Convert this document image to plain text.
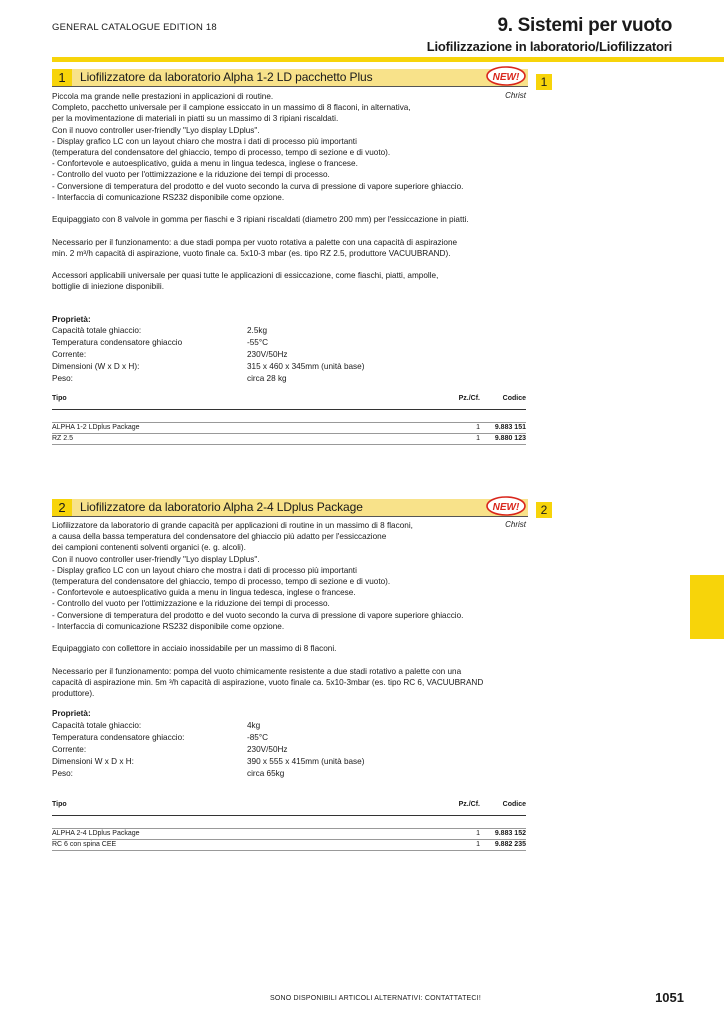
GENERAL CATALOGUE EDITION 18	9. Sistemi per vuoto
Liofilizzazione in laboratorio/Liofilizzatori
1	Liofilizzatore da laboratorio Alpha 1-2 LD pacchetto Plus	NEW!	1
Christ
Piccola ma grande nelle prestazioni in applicazioni di routine.
Completo, pacchetto universale per il campione essiccato in un massimo di 8 flaconi, in alternativa,
per la movimentazione di materiali in piatti su un massimo di 3 ripiani riscaldati.
Con il nuovo controller user-friendly "Lyo display LDplus".
- Display grafico LC con un layout chiaro che mostra i dati di processo più importanti
(temperatura del condensatore del ghiaccio, tempo di processo, tempo di sezione e di vuoto).
- Confortevole e autoesplicativo, guida a menu in lingua tedesca, inglese o francese.
- Controllo del vuoto per l'ottimizzazione e la riduzione dei tempi di processo.
- Conversione di temperatura del prodotto e del vuoto secondo la curva di pressione di vapore superiore ghiaccio.
- Interfaccia di comunicazione RS232 disponibile come opzione.

Equipaggiato con 8 valvole in gomma per fiaschi e 3 ripiani riscaldati (diametro 200 mm) per l'essiccazione in piatti.

Necessario per il funzionamento: a due stadi pompa per vuoto rotativa a palette con una capacità di aspirazione
min. 2 m³/h capacità di aspirazione, vuoto finale ca. 5x10-3 mbar (es. tipo RZ 2.5, produttore VACUUBRAND).

Accessori applicabili universale per quasi tutte le applicazioni di essiccazione, come fiaschi, piatti, ampolle,
bottiglie di iniezione disponibili.
Proprietà:
Capacità totale ghiaccio:	2.5kg
Temperatura condensatore ghiaccio	-55°C
Corrente:	230V/50Hz
Dimensioni (W x D x H):	315 x 460 x 345mm (unità base)
Peso:	circa 28 kg
Tipo	Pz./Cf.	Codice
ALPHA 1-2 LDplus Package	1	9.883 151
RZ 2.5	1	9.880 123
2	Liofilizzatore da laboratorio Alpha 2-4 LDplus Package	NEW!	2
Christ
Liofilizzatore da laboratorio di grande capacità per applicazioni di routine in un massimo di 8 flaconi,
a causa della bassa temperatura del condensatore del ghiaccio più adatto per l'essiccazione
dei campioni contenenti solventi organici (e. g. alcoli).
Con il nuovo controller user-friendly "Lyo display LDplus".
- Display grafico LC con un layout chiaro che mostra i dati di processo più importanti
(temperatura del condensatore del ghiaccio, tempo di processo, tempo di sezione e di vuoto).
- Confortevole e autoesplicativo guida a menu in lingua tedesca, inglese o francese.
- Controllo del vuoto per l'ottimizzazione e la riduzione dei tempi di processo.
- Conversione di temperatura del prodotto e del vuoto secondo la curva di pressione di vapore superiore ghiaccio.
- Interfaccia di comunicazione RS232 disponibile come opzione.

Equipaggiato con collettore in acciaio inossidabile per un massimo di 8 flaconi.

Necessario per il funzionamento: pompa del vuoto chimicamente resistente a due stadi rotativo a palette con una
capacità di aspirazione min. 5m ³/h capacità di aspirazione, vuoto finale ca. 5x10-3mbar (es. tipo RC 6, VACUUBRAND
produttore).
Proprietà:
Capacità totale ghiaccio:	4kg
Temperatura condensatore ghiaccio:	-85°C
Corrente:	230V/50Hz
Dimensioni W x D x H:	390 x 555 x 415mm (unità base)
Peso:	circa 65kg
Tipo	Pz./Cf.	Codice
ALPHA 2-4 LDplus Package	1	9.883 152
RC 6 con spina CEE	1	9.882 235
SONO DISPONIBILI ARTICOLI ALTERNATIVI: CONTATTATECI!	1051
